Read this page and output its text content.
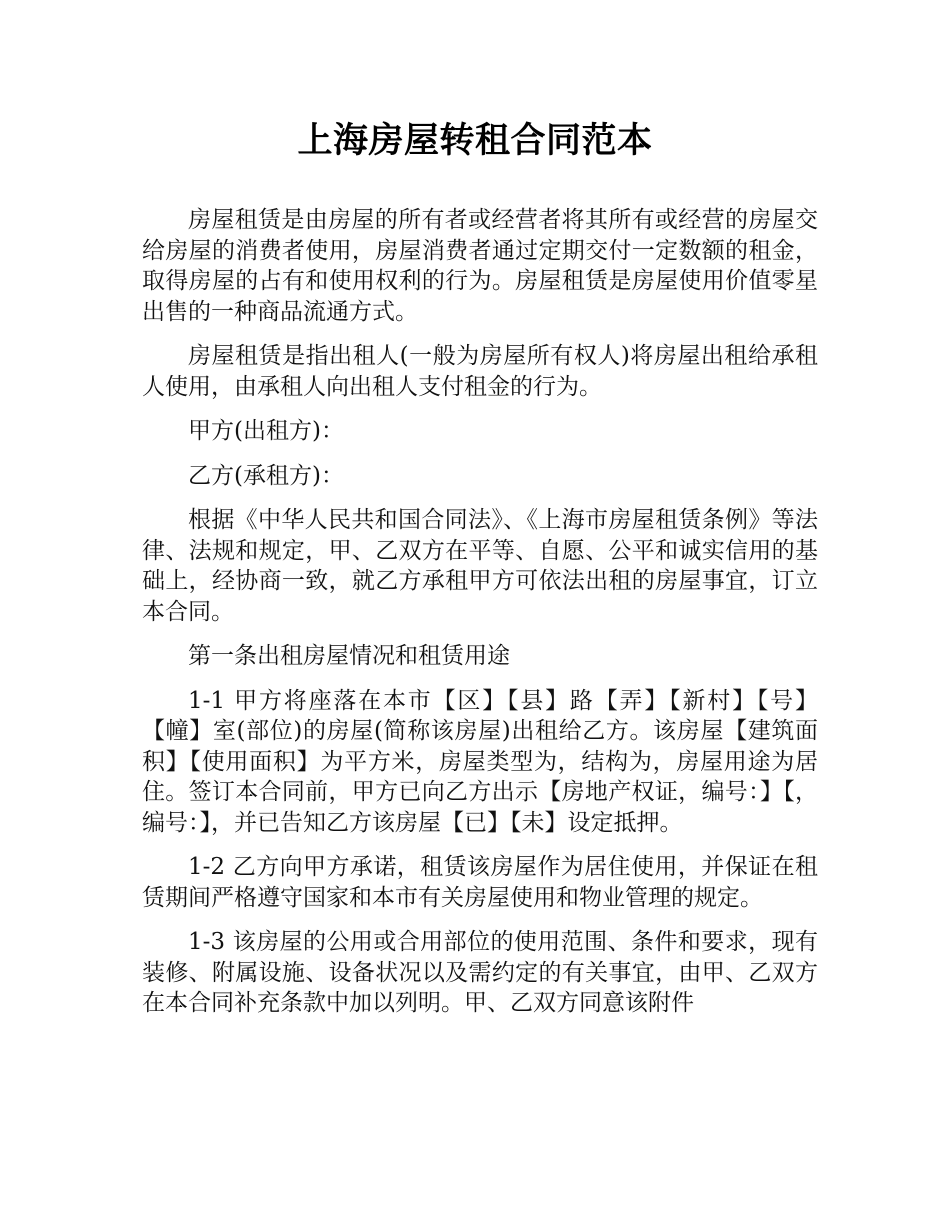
上海房屋转租合同范本

房屋租赁是由房屋的所有者或经营者将其所有或经营的房屋交给房屋的消费者使用，房屋消费者通过定期交付一定数额的租金，取得房屋的占有和使用权利的行为。房屋租赁是房屋使用价值零星出售的一种商品流通方式。

房屋租赁是指出租人(一般为房屋所有权人)将房屋出租给承租人使用，由承租人向出租人支付租金的行为。

甲方(出租方)：

乙方(承租方)：

根据《中华人民共和国合同法》、《上海市房屋租赁条例》等法律、法规和规定，甲、乙双方在平等、自愿、公平和诚实信用的基础上，经协商一致，就乙方承租甲方可依法出租的房屋事宜，订立本合同。

第一条出租房屋情况和租赁用途

1-1 甲方将座落在本市【区】【县】路【弄】【新村】【号】【幢】室(部位)的房屋(简称该房屋)出租给乙方。该房屋【建筑面积】【使用面积】为平方米，房屋类型为，结构为，房屋用途为居住。签订本合同前，甲方已向乙方出示【房地产权证，编号：】【，编号：】，并已告知乙方该房屋【已】【未】设定抵押。

1-2 乙方向甲方承诺，租赁该房屋作为居住使用，并保证在租赁期间严格遵守国家和本市有关房屋使用和物业管理的规定。

1-3 该房屋的公用或合用部位的使用范围、条件和要求，现有装修、附属设施、设备状况以及需约定的有关事宜，由甲、乙双方在本合同补充条款中加以列明。甲、乙双方同意该附件
